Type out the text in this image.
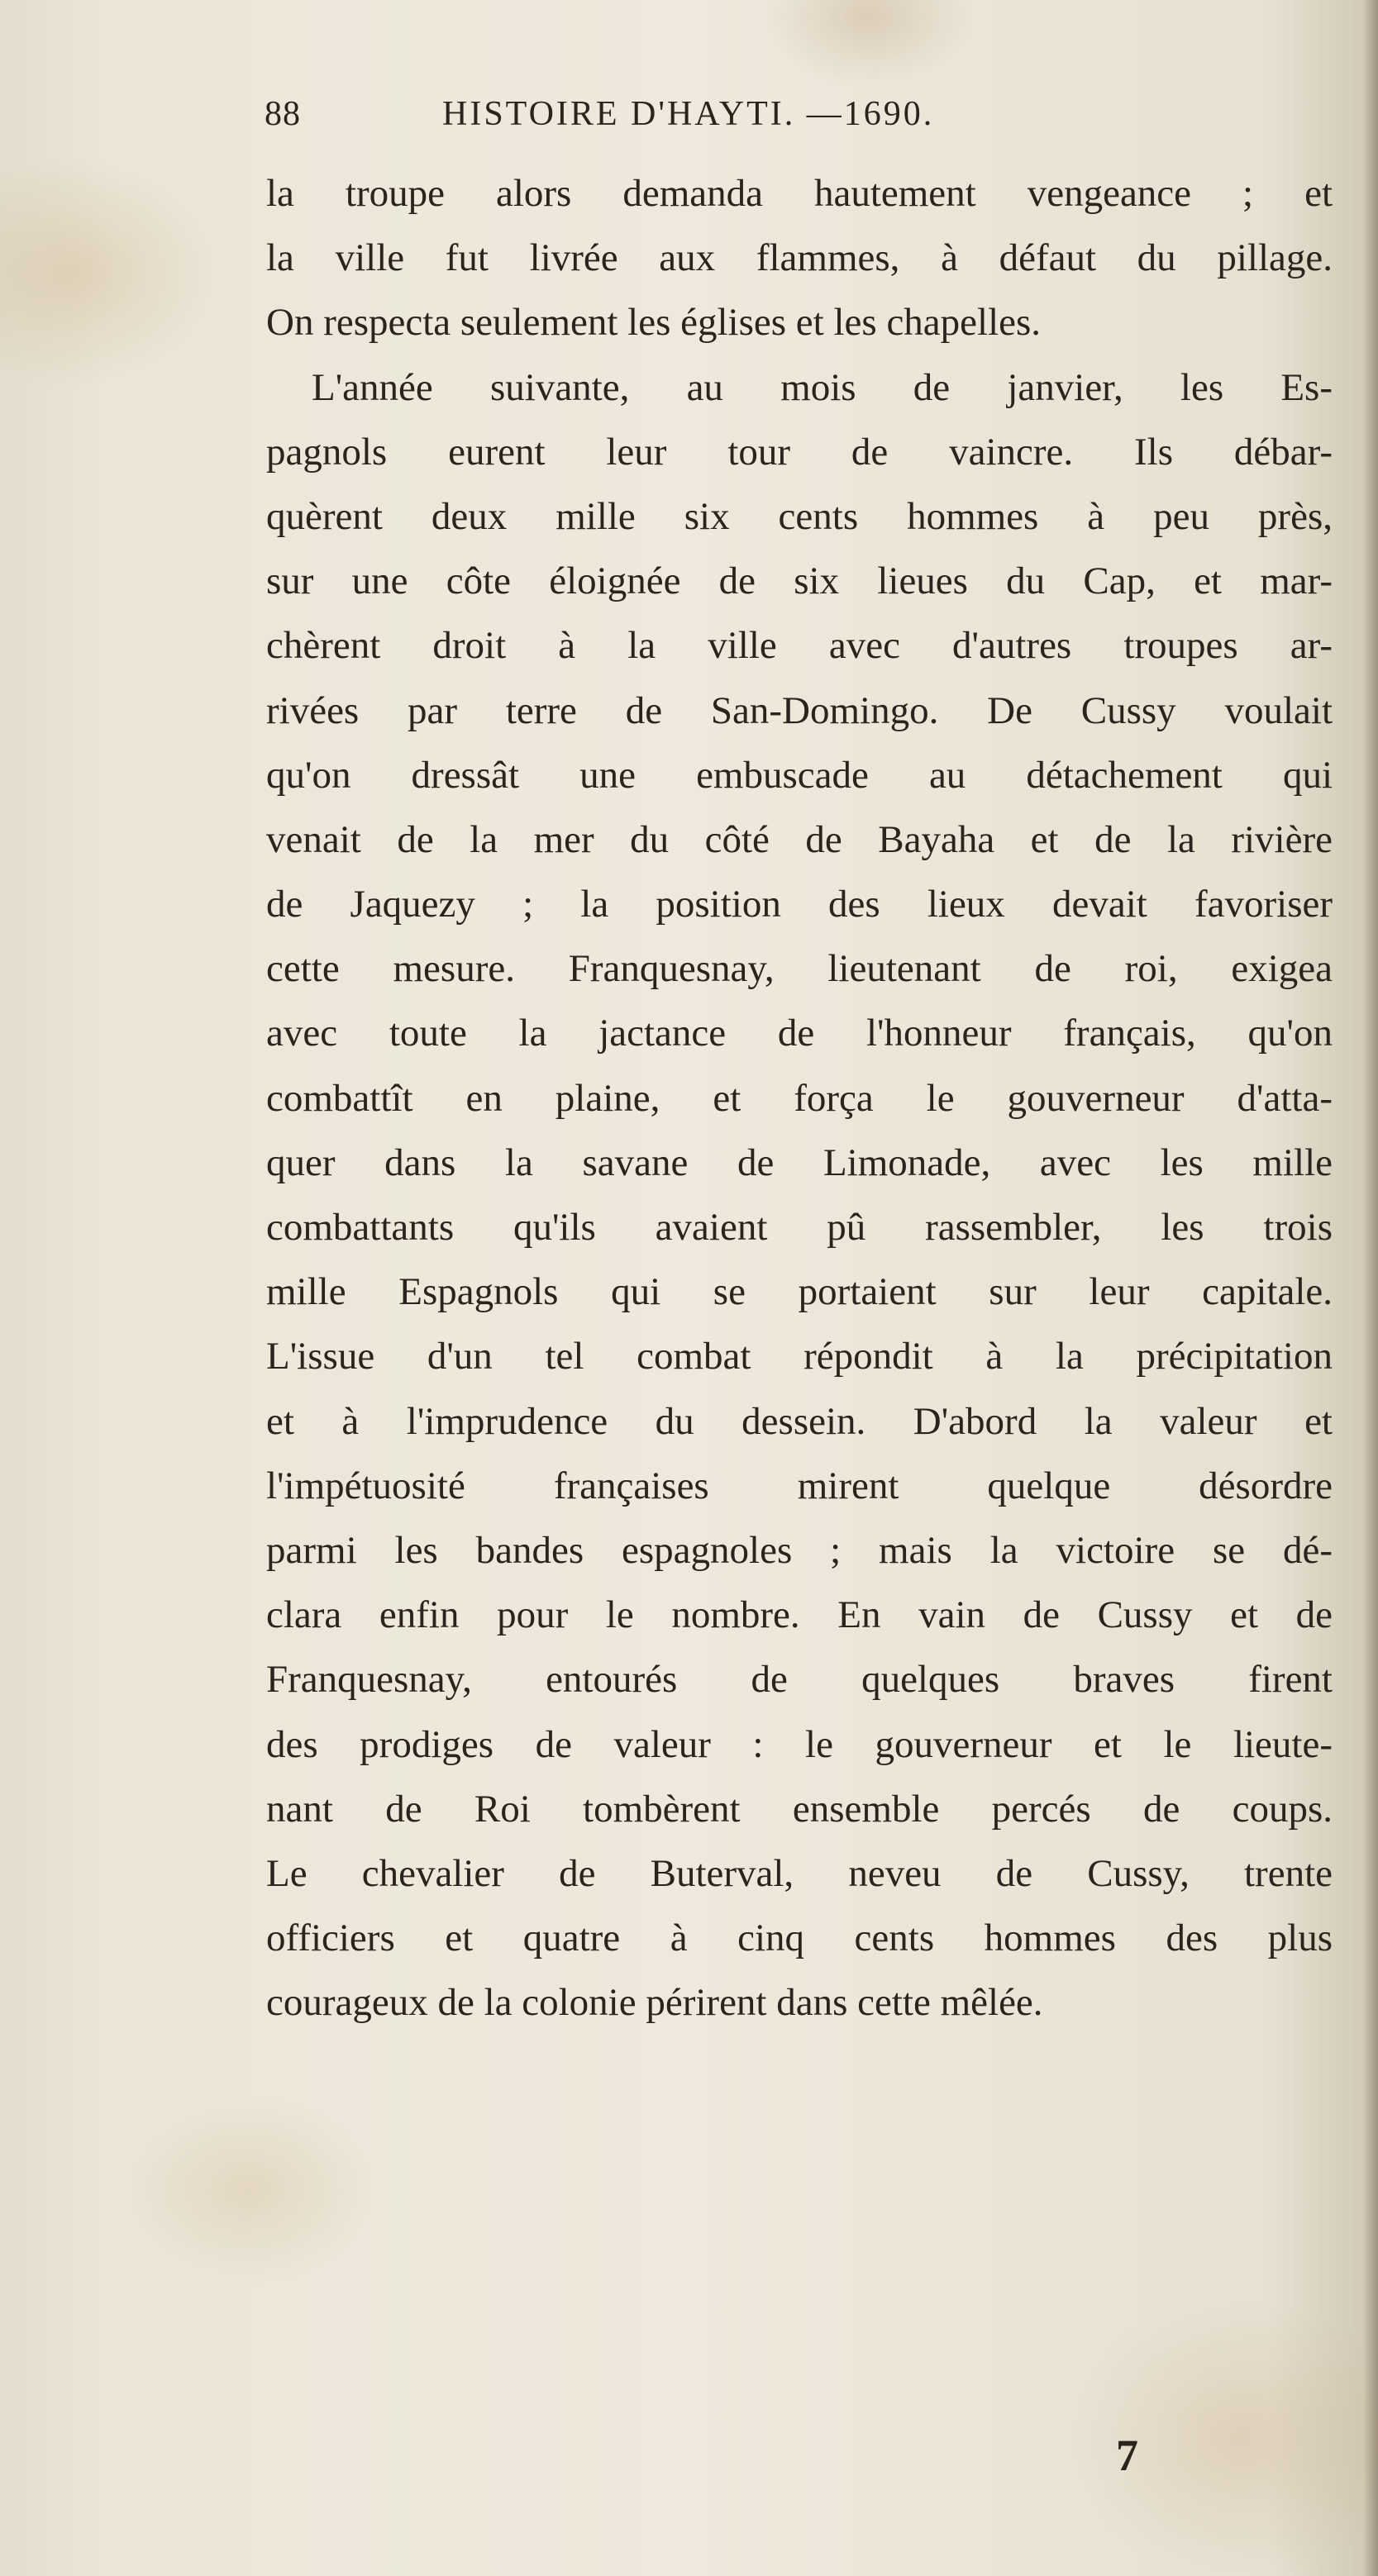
88	HISTOIRE D'HAYTI. —1690.
la troupe alors demanda hautement vengeance ; et
la ville fut livrée aux flammes, à défaut du pillage.
On respecta seulement les églises et les chapelles.
L'année suivante, au mois de janvier, les Es-
pagnols eurent leur tour de vaincre. Ils débar-
quèrent deux mille six cents hommes à peu près,
sur une côte éloignée de six lieues du Cap, et mar-
chèrent droit à la ville avec d'autres troupes ar-
rivées par terre de San-Domingo. De Cussy voulait
qu'on dressât une embuscade au détachement qui
venait de la mer du côté de Bayaha et de la rivière
de Jaquezy ; la position des lieux devait favoriser
cette mesure. Franquesnay, lieutenant de roi, exigea
avec toute la jactance de l'honneur français, qu'on
combattît en plaine, et força le gouverneur d'atta-
quer dans la savane de Limonade, avec les mille
combattants qu'ils avaient pû rassembler, les trois
mille Espagnols qui se portaient sur leur capitale.
L'issue d'un tel combat répondit à la précipitation
et à l'imprudence du dessein. D'abord la valeur et
l'impétuosité françaises mirent quelque désordre
parmi les bandes espagnoles ; mais la victoire se dé-
clara enfin pour le nombre. En vain de Cussy et de
Franquesnay, entourés de quelques braves firent
des prodiges de valeur : le gouverneur et le lieute-
nant de Roi tombèrent ensemble percés de coups.
Le chevalier de Buterval, neveu de Cussy, trente
officiers et quatre à cinq cents hommes des plus
courageux de la colonie périrent dans cette mêlée.
7
